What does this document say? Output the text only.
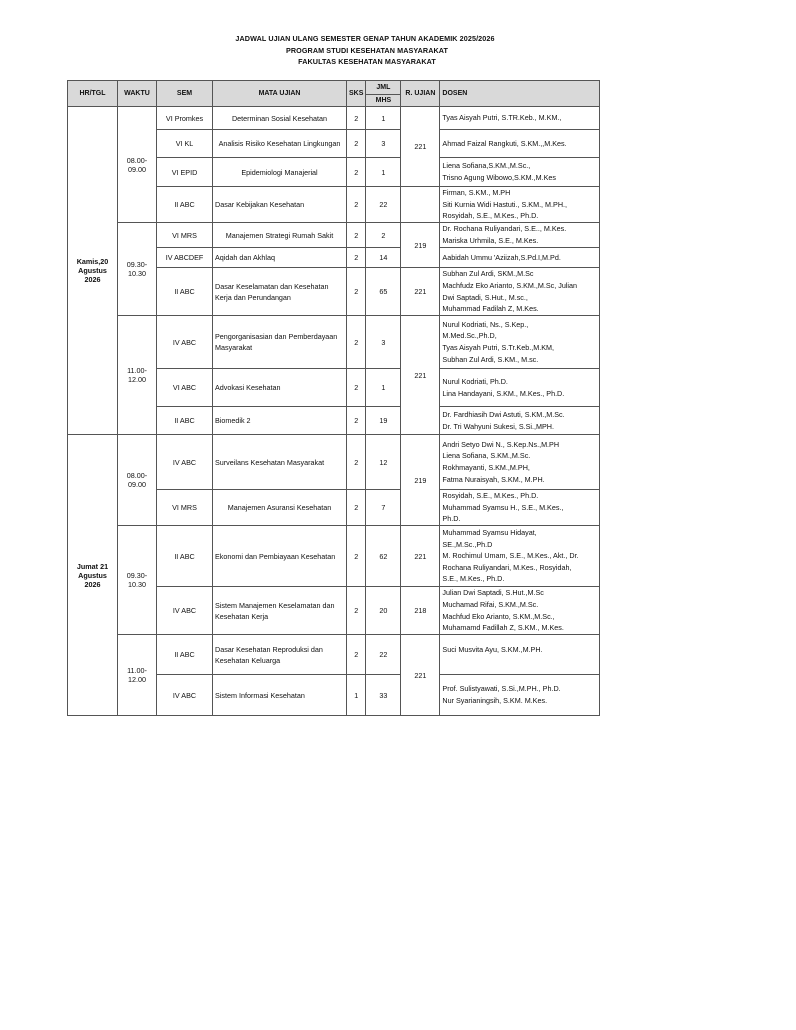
JADWAL UJIAN ULANG SEMESTER GENAP TAHUN AKADEMIK 2025/2026
PROGRAM STUDI KESEHATAN MASYARAKAT
FAKULTAS KESEHATAN MASYARAKAT
HR/TGL	WAKTU	SEM	MATA UJIAN	SKS	JML	R. UJIAN	DOSEN
					MHS		
Kamis,20 Agustus 2026	08.00-09.00	VI Promkes	Determinan Sosial Kesehatan	2	1	221	Tyas Aisyah Putri, S.TR.Keb., M.KM.,

		VI KL	Analisis Risiko Kesehatan Lingkungan	2	3		Ahmad Faizal Rangkuti, S.KM.,,M.Kes.

		VI EPID	Epidemiologi Manajerial	2	1		Liena Sofiana,S.KM.,M.Sc.,
Trisno Agung Wibowo,S.KM.,M.Kes

		II ABC	Dasar Kebijakan Kesehatan	2	22		Firman, S.KM., M.PH
Siti Kurnia Widi Hastuti., S.KM., M.PH.,
Rosyidah, S.E., M.Kes., Ph.D.

	09.30-10.30	VI MRS	Manajemen Strategi Rumah Sakit	2	2	219	Dr. Rochana Ruliyandari, S.E.., M.Kes.
Mariska Urhmila, S.E., M.Kes.

		IV ABCDEF	Aqidah dan Akhlaq	2	14		Aabidah Ummu 'Aziizah,S.Pd.I,M.Pd.

		II ABC	Dasar Keselamatan dan Kesehatan Kerja dan Perundangan	2	65	221	Subhan Zul Ardi, SKM.,M.Sc
Machfudz Eko Arianto, S.KM.,M.Sc, Julian
Dwi Saptadi, S.Hut., M.sc.,
Muhammad Fadilah Z, M.Kes.

	11.00-12.00	IV ABC	Pengorganisasian dan Pemberdayaan Masyarakat	2	3	221	Nurul Kodriati, Ns., S.Kep.,
M.Med.Sc.,Ph.D,
Tyas Aisyah Putri, S.Tr.Keb.,M.KM,
Subhan Zul Ardi, S.KM., M.sc.

		VI ABC	Advokasi Kesehatan	2	1		Nurul Kodriati, Ph.D.
Lina Handayani, S.KM., M.Kes., Ph.D.

		II ABC	Biomedik 2	2	19		Dr. Fardhiasih Dwi Astuti, S.KM.,M.Sc.
Dr. Tri Wahyuni Sukesi, S.Si.,MPH.

Jumat 21 Agustus 2026	08.00-09.00	IV ABC	Surveilans Kesehatan Masyarakat	2	12	219	Andri Setyo Dwi N., S.Kep.Ns.,M.PH
Liena Sofiana, S.KM.,M.Sc.
Rokhmayanti, S.KM.,M.PH,
Fatma Nuraisyah, S.KM., M.PH.

		VI MRS	Manajemen Asuransi Kesehatan	2	7		Rosyidah, S.E., M.Kes., Ph.D.
Muhammad Syamsu H., S.E., M.Kes.,
Ph.D.

	09.30-10.30	II ABC	Ekonomi dan Pembiayaan Kesehatan	2	62	221	Muhammad Syamsu Hidayat,
SE.,M.Sc.,Ph.D
M. Rochimul Umam, S.E., M.Kes., Akt., Dr.
Rochana Ruliyandari, M.Kes., Rosyidah,
S.E., M.Kes., Ph.D.

		IV ABC	Sistem Manajemen Keselamatan dan Kesehatan Kerja	2	20	218	Julian Dwi Saptadi, S.Hut.,M.Sc
Muchamad Rifai, S.KM.,M.Sc.
Machfud Eko Arianto, S.KM.,M.Sc.,
Muhamamd Fadillah Z, S.KM., M.Kes.

	11.00-12.00	II ABC	Dasar Kesehatan Reproduksi dan Kesehatan Keluarga	2	22	221	Suci Musvita Ayu, S.KM.,M.PH.

		IV ABC	Sistem Informasi Kesehatan	1	33		Prof. Sulistyawati, S.Si.,M.PH., Ph.D.
Nur Syarianingsih, S.KM. M.Kes.
